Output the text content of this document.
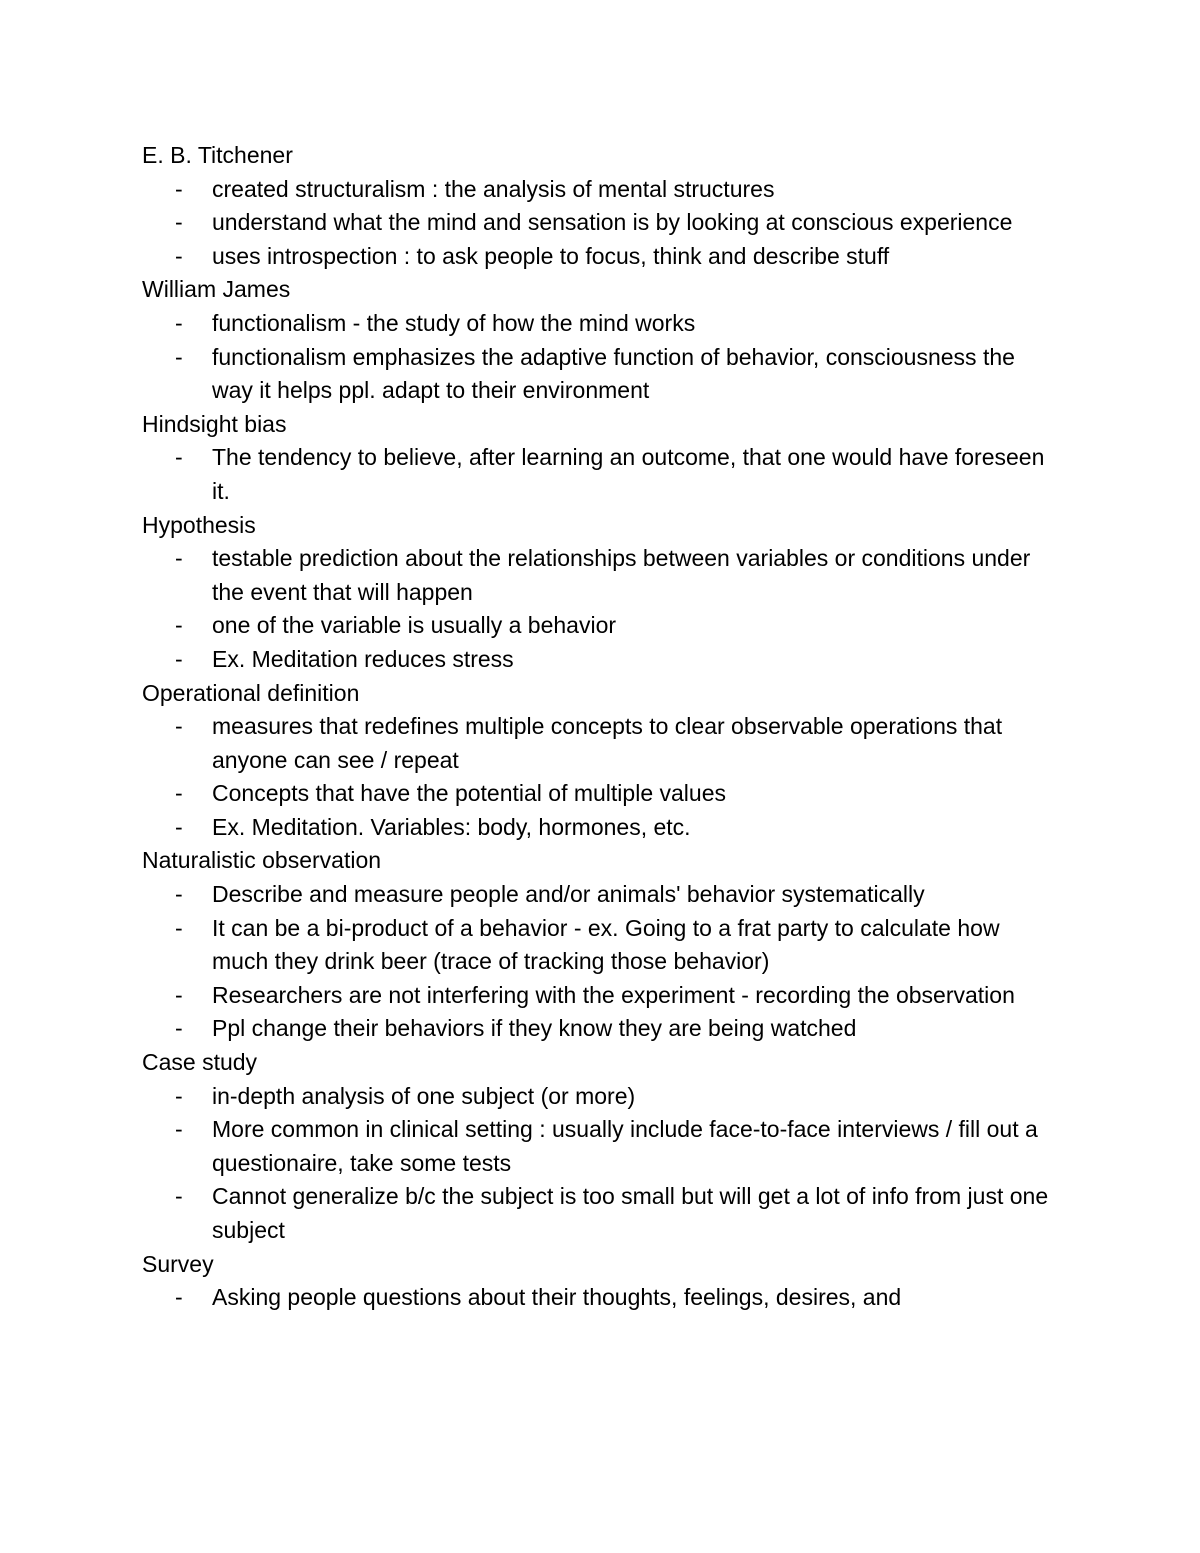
E. B. Titchener
- created structuralism : the analysis of mental structures
- understand what the mind and sensation is by looking at conscious experience
- uses introspection : to ask people to focus, think and describe stuff
William James
- functionalism - the study of how the mind works
- functionalism emphasizes the adaptive function of behavior, consciousness the way it helps ppl. adapt to their environment
Hindsight bias
- The tendency to believe, after learning an outcome, that one would have foreseen it.
Hypothesis
- testable prediction about the relationships between variables or conditions under the event that will happen
- one of the variable is usually a behavior
- Ex. Meditation reduces stress
Operational definition
- measures that redefines multiple concepts to clear observable operations that anyone can see / repeat
- Concepts that have the potential of multiple values
- Ex. Meditation. Variables: body, hormones, etc.
Naturalistic observation
- Describe and measure people and/or animals' behavior systematically
- It can be a bi-product of a behavior - ex. Going to a frat party to calculate how much they drink beer (trace of tracking those behavior)
- Researchers are not interfering with the experiment - recording the observation
- Ppl change their behaviors if they know they are being watched
Case study
- in-depth analysis of one subject (or more)
- More common in clinical setting : usually include face-to-face interviews / fill out a questionaire, take some tests
- Cannot generalize b/c the subject is too small but will get a lot of info from just one subject
Survey
- Asking people questions about their thoughts, feelings, desires, and
